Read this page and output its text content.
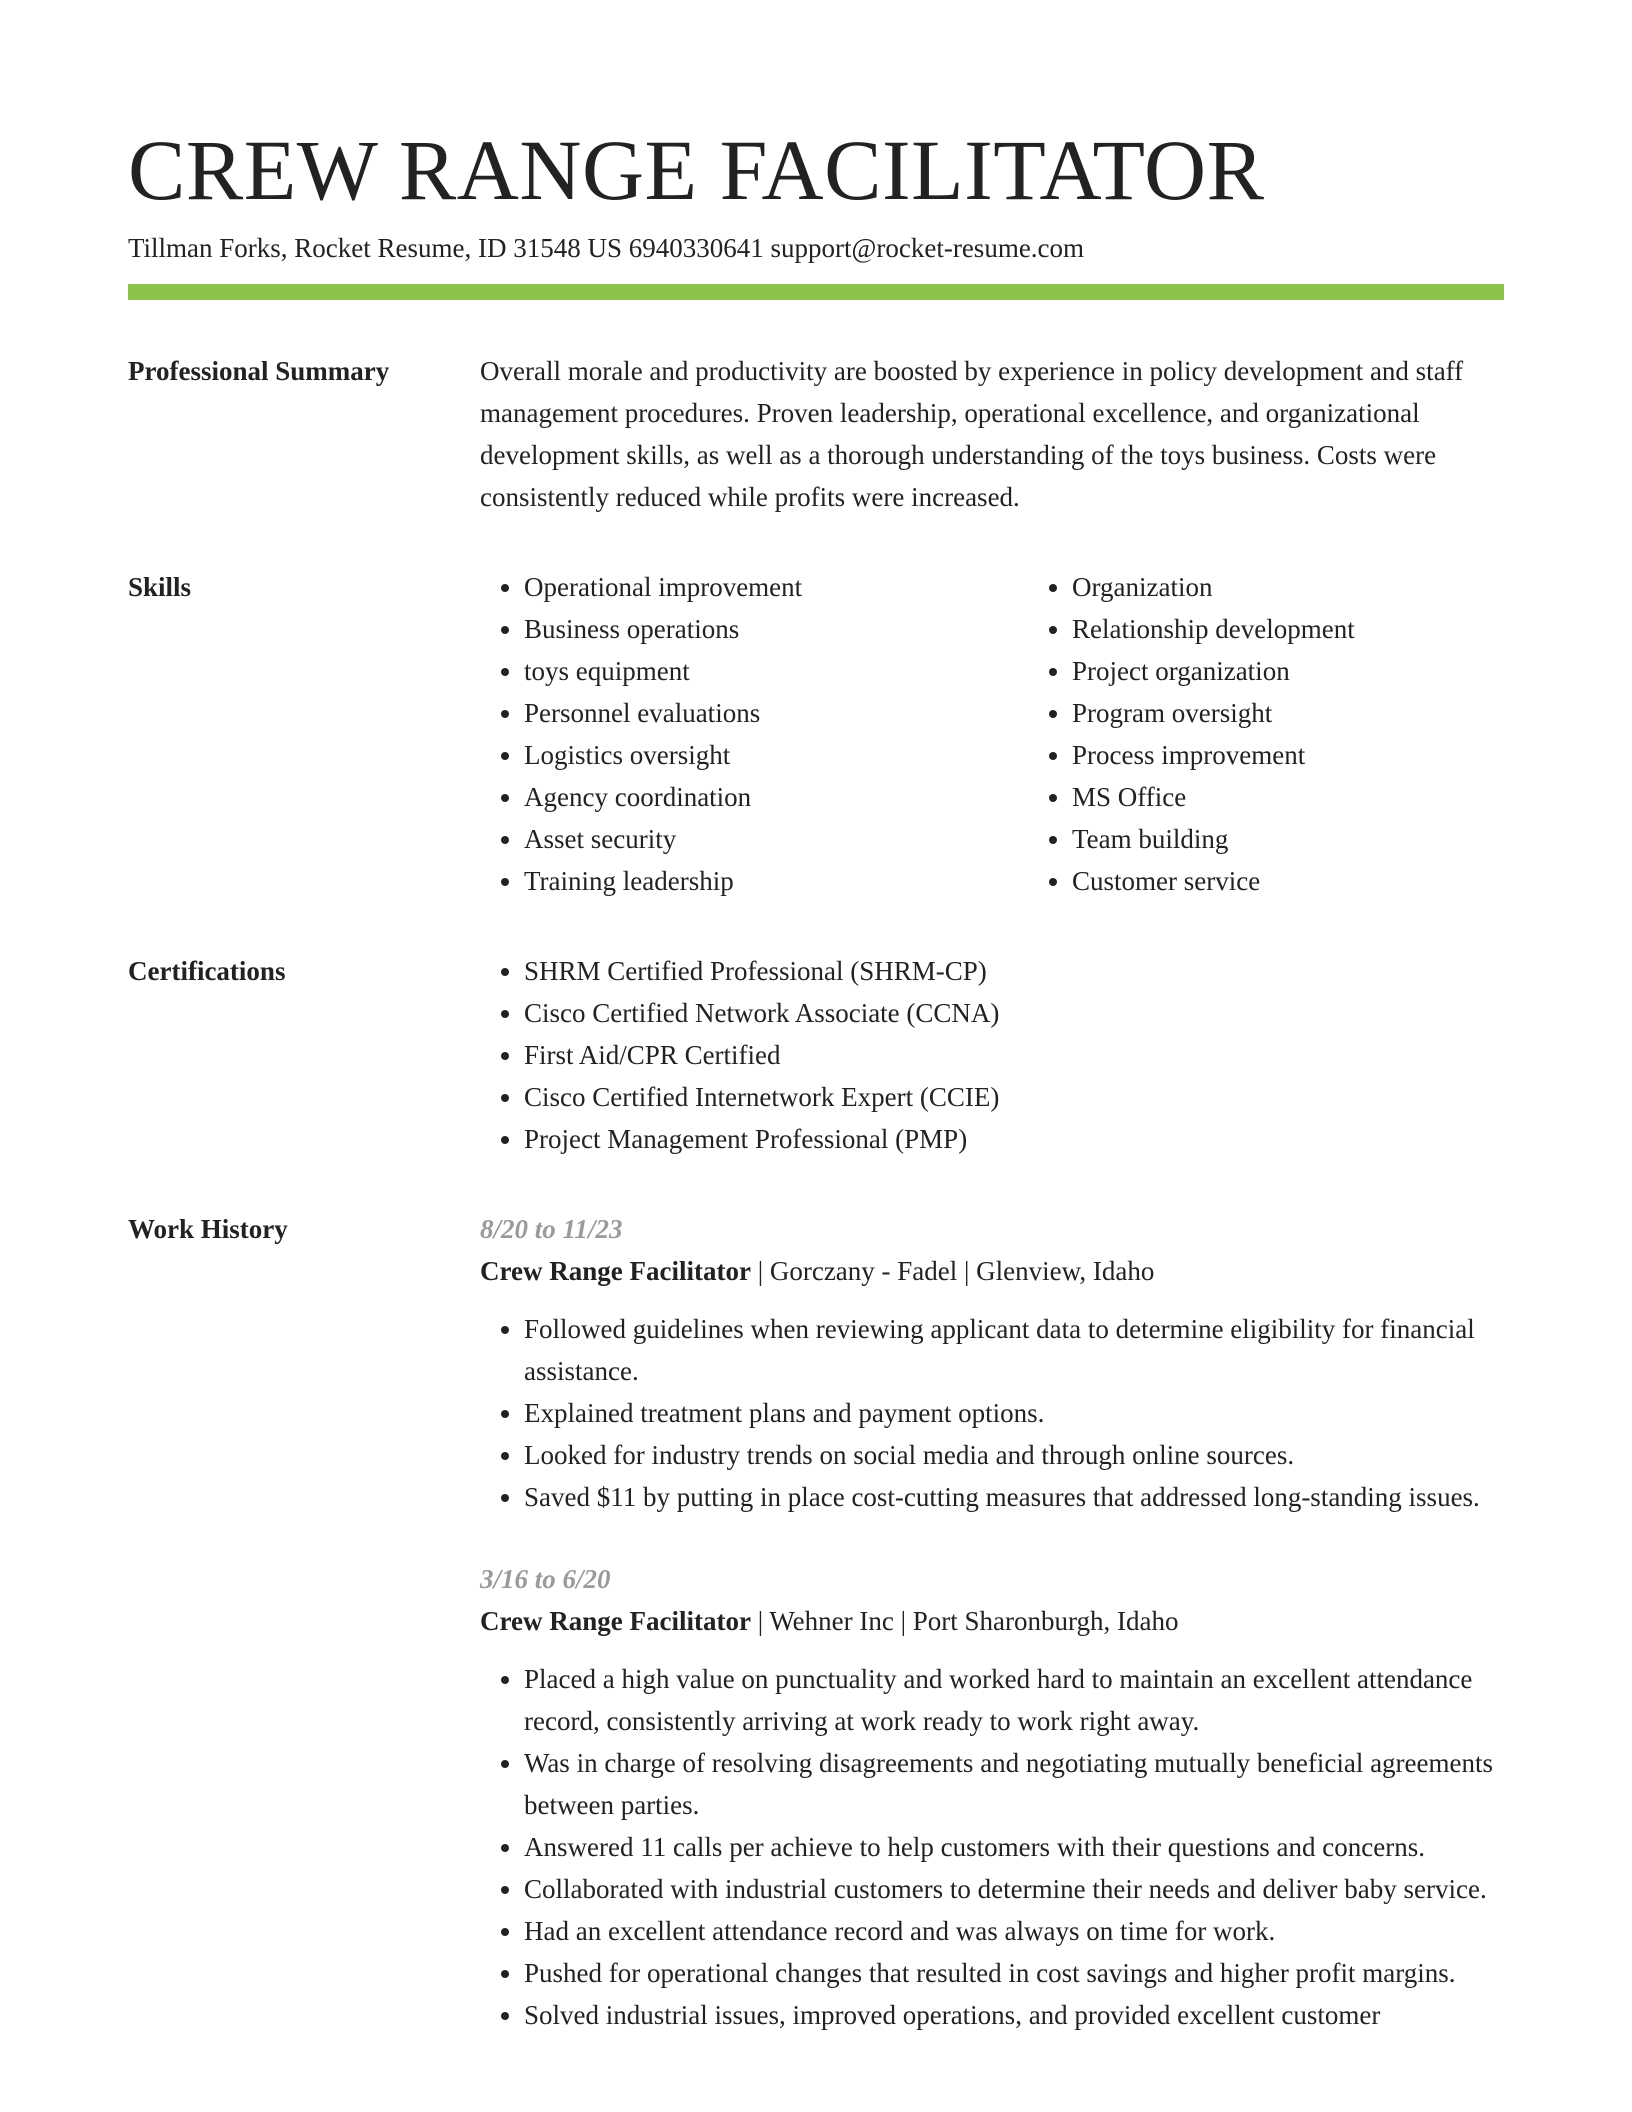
CREW RANGE FACILITATOR
Tillman Forks, Rocket Resume, ID 31548 US 6940330641 support@rocket-resume.com
Professional Summary	Overall morale and productivity are boosted by experience in policy development and staff management procedures. Proven leadership, operational excellence, and organizational development skills, as well as a thorough understanding of the toys business. Costs were consistently reduced while profits were increased.

Skills	• Operational improvement
• Business operations
• toys equipment
• Personnel evaluations
• Logistics oversight
• Agency coordination
• Asset security
• Training leadership
• Organization
• Relationship development
• Project organization
• Program oversight
• Process improvement
• MS Office
• Team building
• Customer service
Certifications	• SHRM Certified Professional (SHRM-CP)
• Cisco Certified Network Associate (CCNA)
• First Aid/CPR Certified
• Cisco Certified Internetwork Expert (CCIE)
• Project Management Professional (PMP)
Work History	8/20 to 11/23
Crew Range Facilitator | Gorczany - Fadel | Glenview, Idaho
• Followed guidelines when reviewing applicant data to determine eligibility for financial assistance.
• Explained treatment plans and payment options.
• Looked for industry trends on social media and through online sources.
• Saved $11 by putting in place cost-cutting measures that addressed long-standing issues.
3/16 to 6/20
Crew Range Facilitator | Wehner Inc | Port Sharonburgh, Idaho
• Placed a high value on punctuality and worked hard to maintain an excellent attendance record, consistently arriving at work ready to work right away.
• Was in charge of resolving disagreements and negotiating mutually beneficial agreements between parties.
• Answered 11 calls per achieve to help customers with their questions and concerns.
• Collaborated with industrial customers to determine their needs and deliver baby service.
• Had an excellent attendance record and was always on time for work.
• Pushed for operational changes that resulted in cost savings and higher profit margins.
• Solved industrial issues, improved operations, and provided excellent customer
